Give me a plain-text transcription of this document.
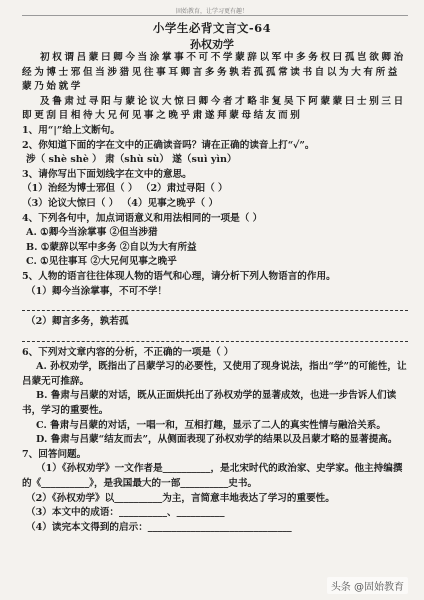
固始教育，让学习更有趣！
小学生必背文言文-64
孙权劝学
初权谓吕蒙曰卿今当涂掌事不可不学蒙辞以军中多务权曰孤岂欲卿治经为博士邪但当涉猎见往事耳卿言多务孰若孤孤常读书自以为大有所益蒙乃始就学
及鲁肃过寻阳与蒙论议大惊曰卿今者才略非复吴下阿蒙蒙曰士别三日即更刮目相待大兄何见事之晚乎肃遂拜蒙母结友而别
1、用“|”给上文断句。
2、你知道下面的字在文中的正确读音吗？请在正确的读音上打“✓”。
涉（ shè shè ） 肃（shù sù） 遂（suì yìn）
3、请你写出下面划线字在文中的意思。
（1）治经为博士邪但（ ） （2）肃过寻阳（ ）
（3）论议大惊曰（ ） （4）见事之晚乎（ ）
4、下列各句中，加点词语意义和用法相同的一项是（ ）
A. ①卿今当涂掌事 ②但当涉猎
B. ①蒙辞以军中多务 ②自以为大有所益
C. ①见往事耳 ②大兄何见事之晚乎
5、人物的语言往往体现人物的语气和心理，请分析下列人物语言的作用。
（1）卿今当涂掌事，不可不学！
（2）卿言多务，孰若孤
6、下列对文章内容的分析，不正确的一项是（ ）
A. 孙权劝学，既指出了吕蒙学习的必要性，又使用了现身说法，指出“学”的可能性，让吕蒙无可推辞。
B. 鲁肃与吕蒙的对话，既从正面烘托出了孙权劝学的显著成效，也进一步告诉人们读书，学习的重要性。
C. 鲁肃与吕蒙的对话，一唱一和，互相打趣，显示了二人的真实性情与融洽关系。
D. 鲁肃与吕蒙“结友而去”，从侧面表现了孙权劝学的结果以及吕蒙才略的显著提高。
7、回答问题。
（1）《孙权劝学》一文作者是__________，是北宋时代的政治家、史学家。他主持编撰的《__________》，是我国最大的一部__________史书。
（2）《孙权劝学》以__________为主，言简意丰地表达了学习的重要性。
（3）本文中的成语：__________、__________
（4）读完本文得到的启示：______________________________
头条 @固始教育
